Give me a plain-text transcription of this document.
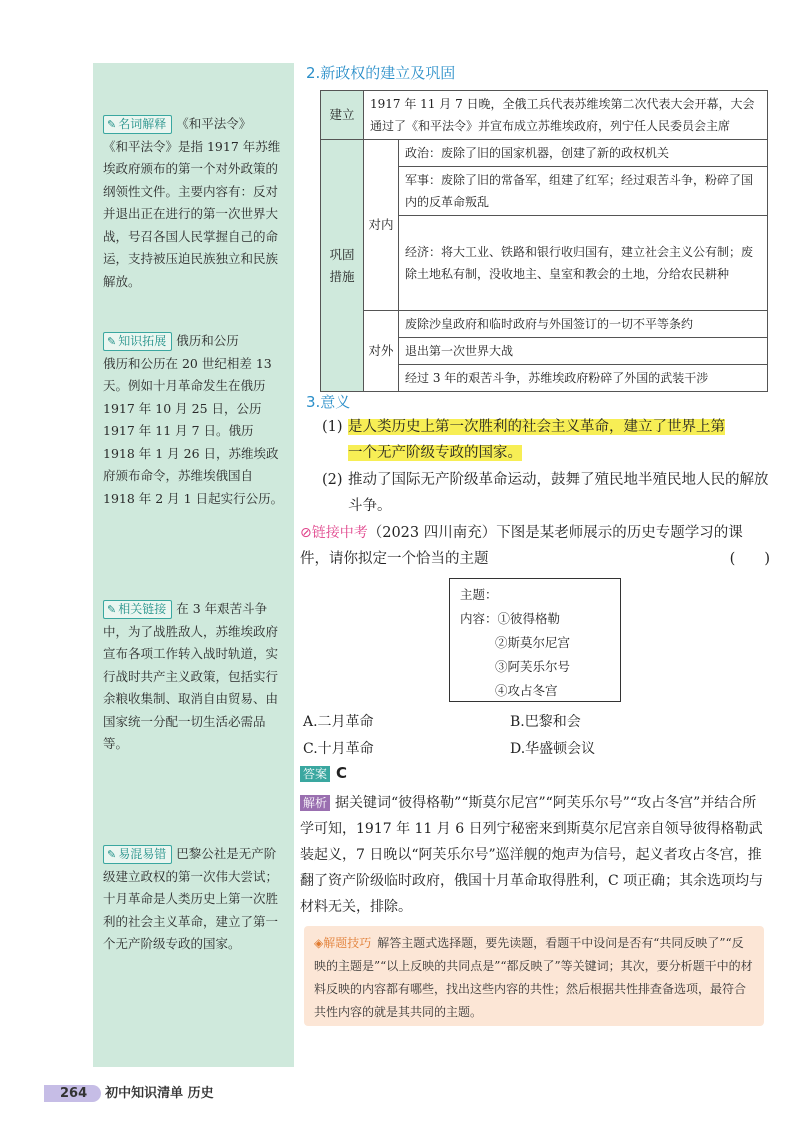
✎ 名词解释 《和平法令》
《和平法令》是指 1917 年苏维埃政府颁布的第一个对外政策的纲领性文件。主要内容有：反对并退出正在进行的第一次世界大战，号召各国人民掌握自己的命运，支持被压迫民族独立和民族解放。
✎ 知识拓展 俄历和公历
俄历和公历在 20 世纪相差 13 天。例如十月革命发生在俄历 1917 年 10 月 25 日，公历 1917 年 11 月 7 日。俄历 1918 年 1 月 26 日，苏维埃政府颁布命令，苏维埃俄国自 1918 年 2 月 1 日起实行公历。
✎ 相关链接 在 3 年艰苦斗争中，为了战胜敌人，苏维埃政府宣布各项工作转入战时轨道，实行战时共产主义政策，包括实行余粮收集制、取消自由贸易、由国家统一分配一切生活必需品等。
✎ 易混易错 巴黎公社是无产阶级建立政权的第一次伟大尝试；十月革命是人类历史上第一次胜利的社会主义革命，建立了第一个无产阶级专政的国家。
2.新政权的建立及巩固
建立	1917 年 11 月 7 日晚，全俄工兵代表苏维埃第二次代表大会开幕，大会通过了《和平法令》并宣布成立苏维埃政府，列宁任人民委员会主席	
巩固措施	对内	政治：废除了旧的国家机器，创建了新的政权机关
		军事：废除了旧的常备军，组建了红军；经过艰苦斗争，粉碎了国内的反革命叛乱
		经济：将大工业、铁路和银行收归国有，建立社会主义公有制；废除土地私有制，没收地主、皇室和教会的土地，分给农民耕种
	对外	废除沙皇政府和临时政府与外国签订的一切不平等条约
		退出第一次世界大战
		经过 3 年的艰苦斗争，苏维埃政府粉碎了外国的武装干涉
3.意义
(1) 是人类历史上第一次胜利的社会主义革命，建立了世界上第
一个无产阶级专政的国家。
(2) 推动了国际无产阶级革命运动，鼓舞了殖民地半殖民地人民的解放斗争。
⊘链接中考（2023 四川南充）下图是某老师展示的历史专题学习的课件，请你拟定一个恰当的主题	(　　)
主题：
内容：①彼得格勒
②斯莫尔尼宫
③阿芙乐尔号
④攻占冬宫
A.二月革命	B.巴黎和会
C.十月革命	D.华盛顿会议
答案 C
解析 据关键词“彼得格勒”“斯莫尔尼宫”“阿芙乐尔号”“攻占冬宫”并结合所学可知，1917 年 11 月 6 日列宁秘密来到斯莫尔尼宫亲自领导彼得格勒武装起义，7 日晚以“阿芙乐尔号”巡洋舰的炮声为信号，起义者攻占冬宫，推翻了资产阶级临时政府，俄国十月革命取得胜利，C 项正确；其余选项均与材料无关，排除。
◈解题技巧 解答主题式选择题，要先读题，看题干中设问是否有“共同反映了”“反映的主题是”“以上反映的共同点是”“都反映了”等关键词；其次，要分析题干中的材料反映的内容都有哪些，找出这些内容的共性；然后根据共性排查备选项，最符合共性内容的就是其共同的主题。
264 初中知识清单 历史
